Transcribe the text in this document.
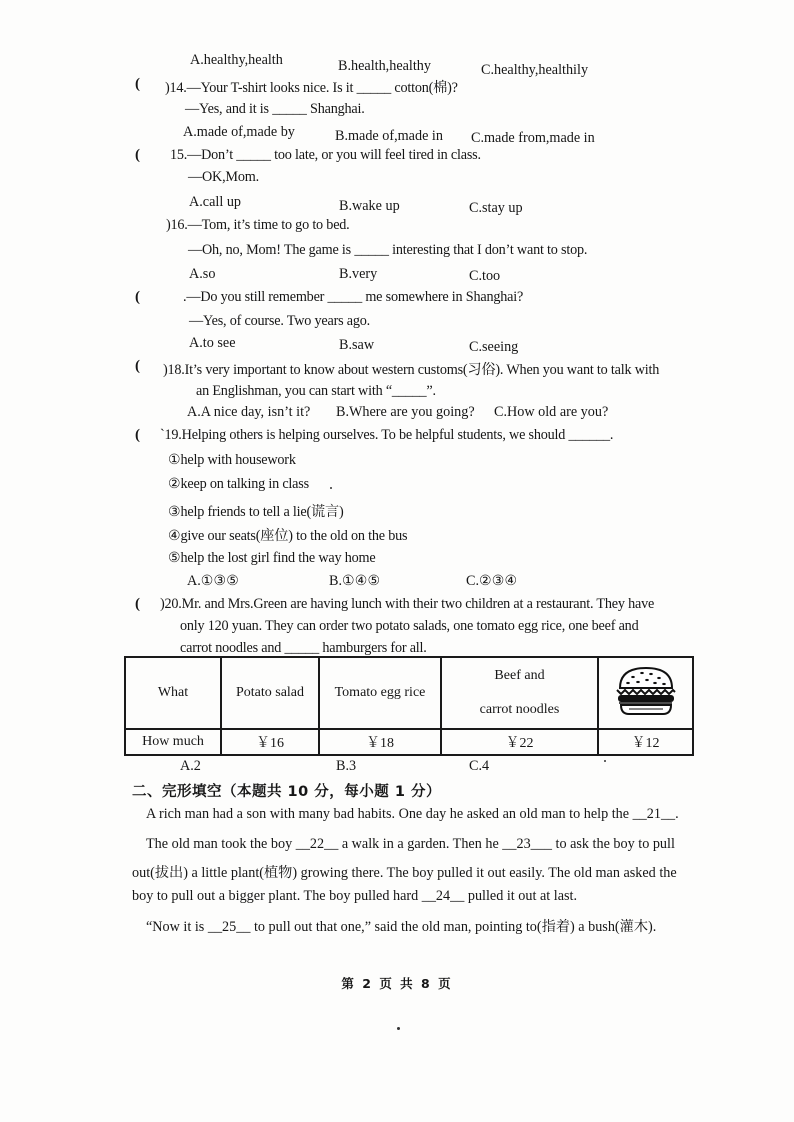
A.healthy,health	B.health,healthy	C.healthy,healthily
( )14.—Your T-shirt looks nice. Is it _____ cotton(棉)?
—Yes, and it is _____ Shanghai.
A.made of,made by	B.made of,made in C.made from,made in
( 15.—Don’t _____ too late, or you will feel tired in class.
—OK,Mom.
A.call up	B.wake up	C.stay up
)16.—Tom, it’s time to go to bed.
—Oh, no, Mom! The game is _____ interesting that I don’t want to stop.
A.so	B.very	C.too
(	.—Do you still remember _____ me somewhere in Shanghai?
—Yes, of course. Two years ago.
A.to see	B.saw	C.seeing
( )18.It’s very important to know about western customs(习俗). When you want to talk with
an Englishman, you can start with “_____”.
A.A nice day, isn’t it? B.Where are you going? C.How old are you?
( `19.Helping others is helping ourselves. To be helpful students, we should ______.
①help with housework
②keep on talking in class
③help friends to tell a lie(谎言)
④give our seats(座位) to the old on the bus
⑤help the lost girl find the way home
A.①③⑤	B.①④⑤	C.②③④
( )20.Mr. and Mrs.Green are having lunch with their two children at a restaurant. They have
only 120 yuan. They can order two potato salads, one tomato egg rice, one beef and
carrot noodles and _____ hamburgers for all.
What	Potato salad	Tomato egg rice	Beef and
carrot noodles

How much	￥16	￥18	￥22	￥12
A.2	B.3	C.4
二、完形填空（本题共 10 分，每小题 1 分）
A rich man had a son with many bad habits. One day he asked an old man to help the __21__.
The old man took the boy __22__ a walk in a garden. Then he __23___ to ask the boy to pull
out(拔出) a little plant(植物) growing there. The boy pulled it out easily. The old man asked the
boy to pull out a bigger plant. The boy pulled hard __24__ pulled it out at last.
“Now it is __25__ to pull out that one,” said the old man, pointing to(指着) a bush(灌木).
第 2 页 共 8 页
